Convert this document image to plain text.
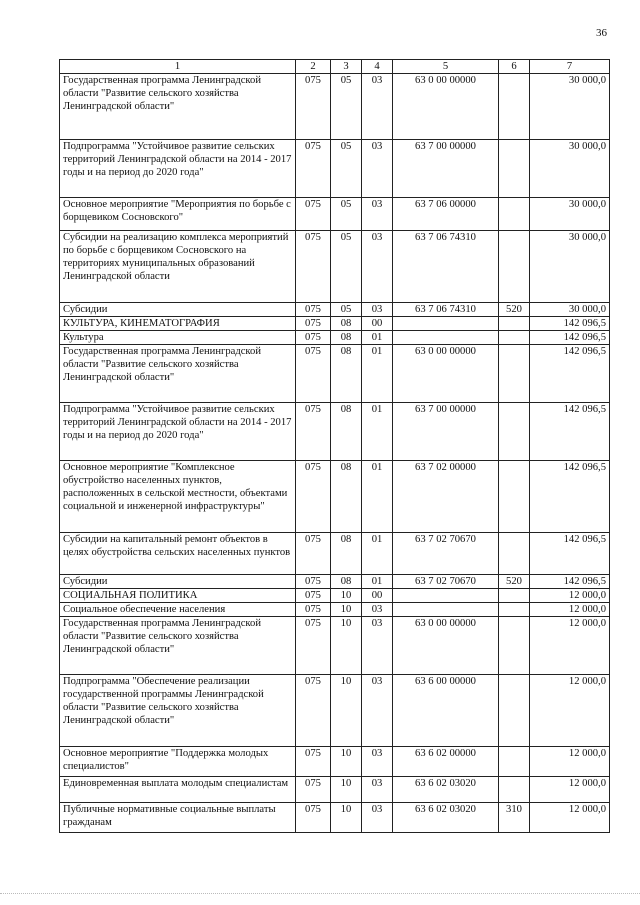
36
1	2	3	4	5	6	7
Государственная программа Ленинградской области "Развитие сельского хозяйства Ленинградской области"	075	05	03	63 0 00 00000		30 000,0
Подпрограмма "Устойчивое развитие сельских территорий Ленинградской области на 2014 - 2017 годы и на период до 2020 года"	075	05	03	63 7 00 00000		30 000,0
Основное мероприятие "Мероприятия по борьбе с борщевиком Сосновского"	075	05	03	63 7 06 00000		30 000,0
Субсидии на реализацию комплекса мероприятий по борьбе с борщевиком Сосновского на территориях муниципальных образований Ленинградской области	075	05	03	63 7 06 74310		30 000,0
Субсидии	075	05	03	63 7 06 74310	520	30 000,0
КУЛЬТУРА, КИНЕМАТОГРАФИЯ	075	08	00			142 096,5
Культура	075	08	01			142 096,5
Государственная программа Ленинградской области "Развитие сельского хозяйства Ленинградской области"	075	08	01	63 0 00 00000		142 096,5
Подпрограмма "Устойчивое развитие сельских территорий Ленинградской области на 2014 - 2017 годы и на период до 2020 года"	075	08	01	63 7 00 00000		142 096,5
Основное мероприятие "Комплексное обустройство населенных пунктов, расположенных в сельской местности, объектами социальной и инженерной инфраструктуры"	075	08	01	63 7 02 00000		142 096,5
Субсидии на капитальный ремонт объектов в целях обустройства сельских населенных пунктов	075	08	01	63 7 02 70670		142 096,5
Субсидии	075	08	01	63 7 02 70670	520	142 096,5
СОЦИАЛЬНАЯ ПОЛИТИКА	075	10	00			12 000,0
Социальное обеспечение населения	075	10	03			12 000,0
Государственная программа Ленинградской области "Развитие сельского хозяйства Ленинградской области"	075	10	03	63 0 00 00000		12 000,0
Подпрограмма "Обеспечение реализации государственной программы Ленинградской области "Развитие сельского хозяйства Ленинградской области"	075	10	03	63 6 00 00000		12 000,0
Основное мероприятие "Поддержка молодых специалистов"	075	10	03	63 6 02 00000		12 000,0
Единовременная выплата молодым специалистам	075	10	03	63 6 02 03020		12 000,0
Публичные нормативные социальные выплаты гражданам	075	10	03	63 6 02 03020	310	12 000,0
